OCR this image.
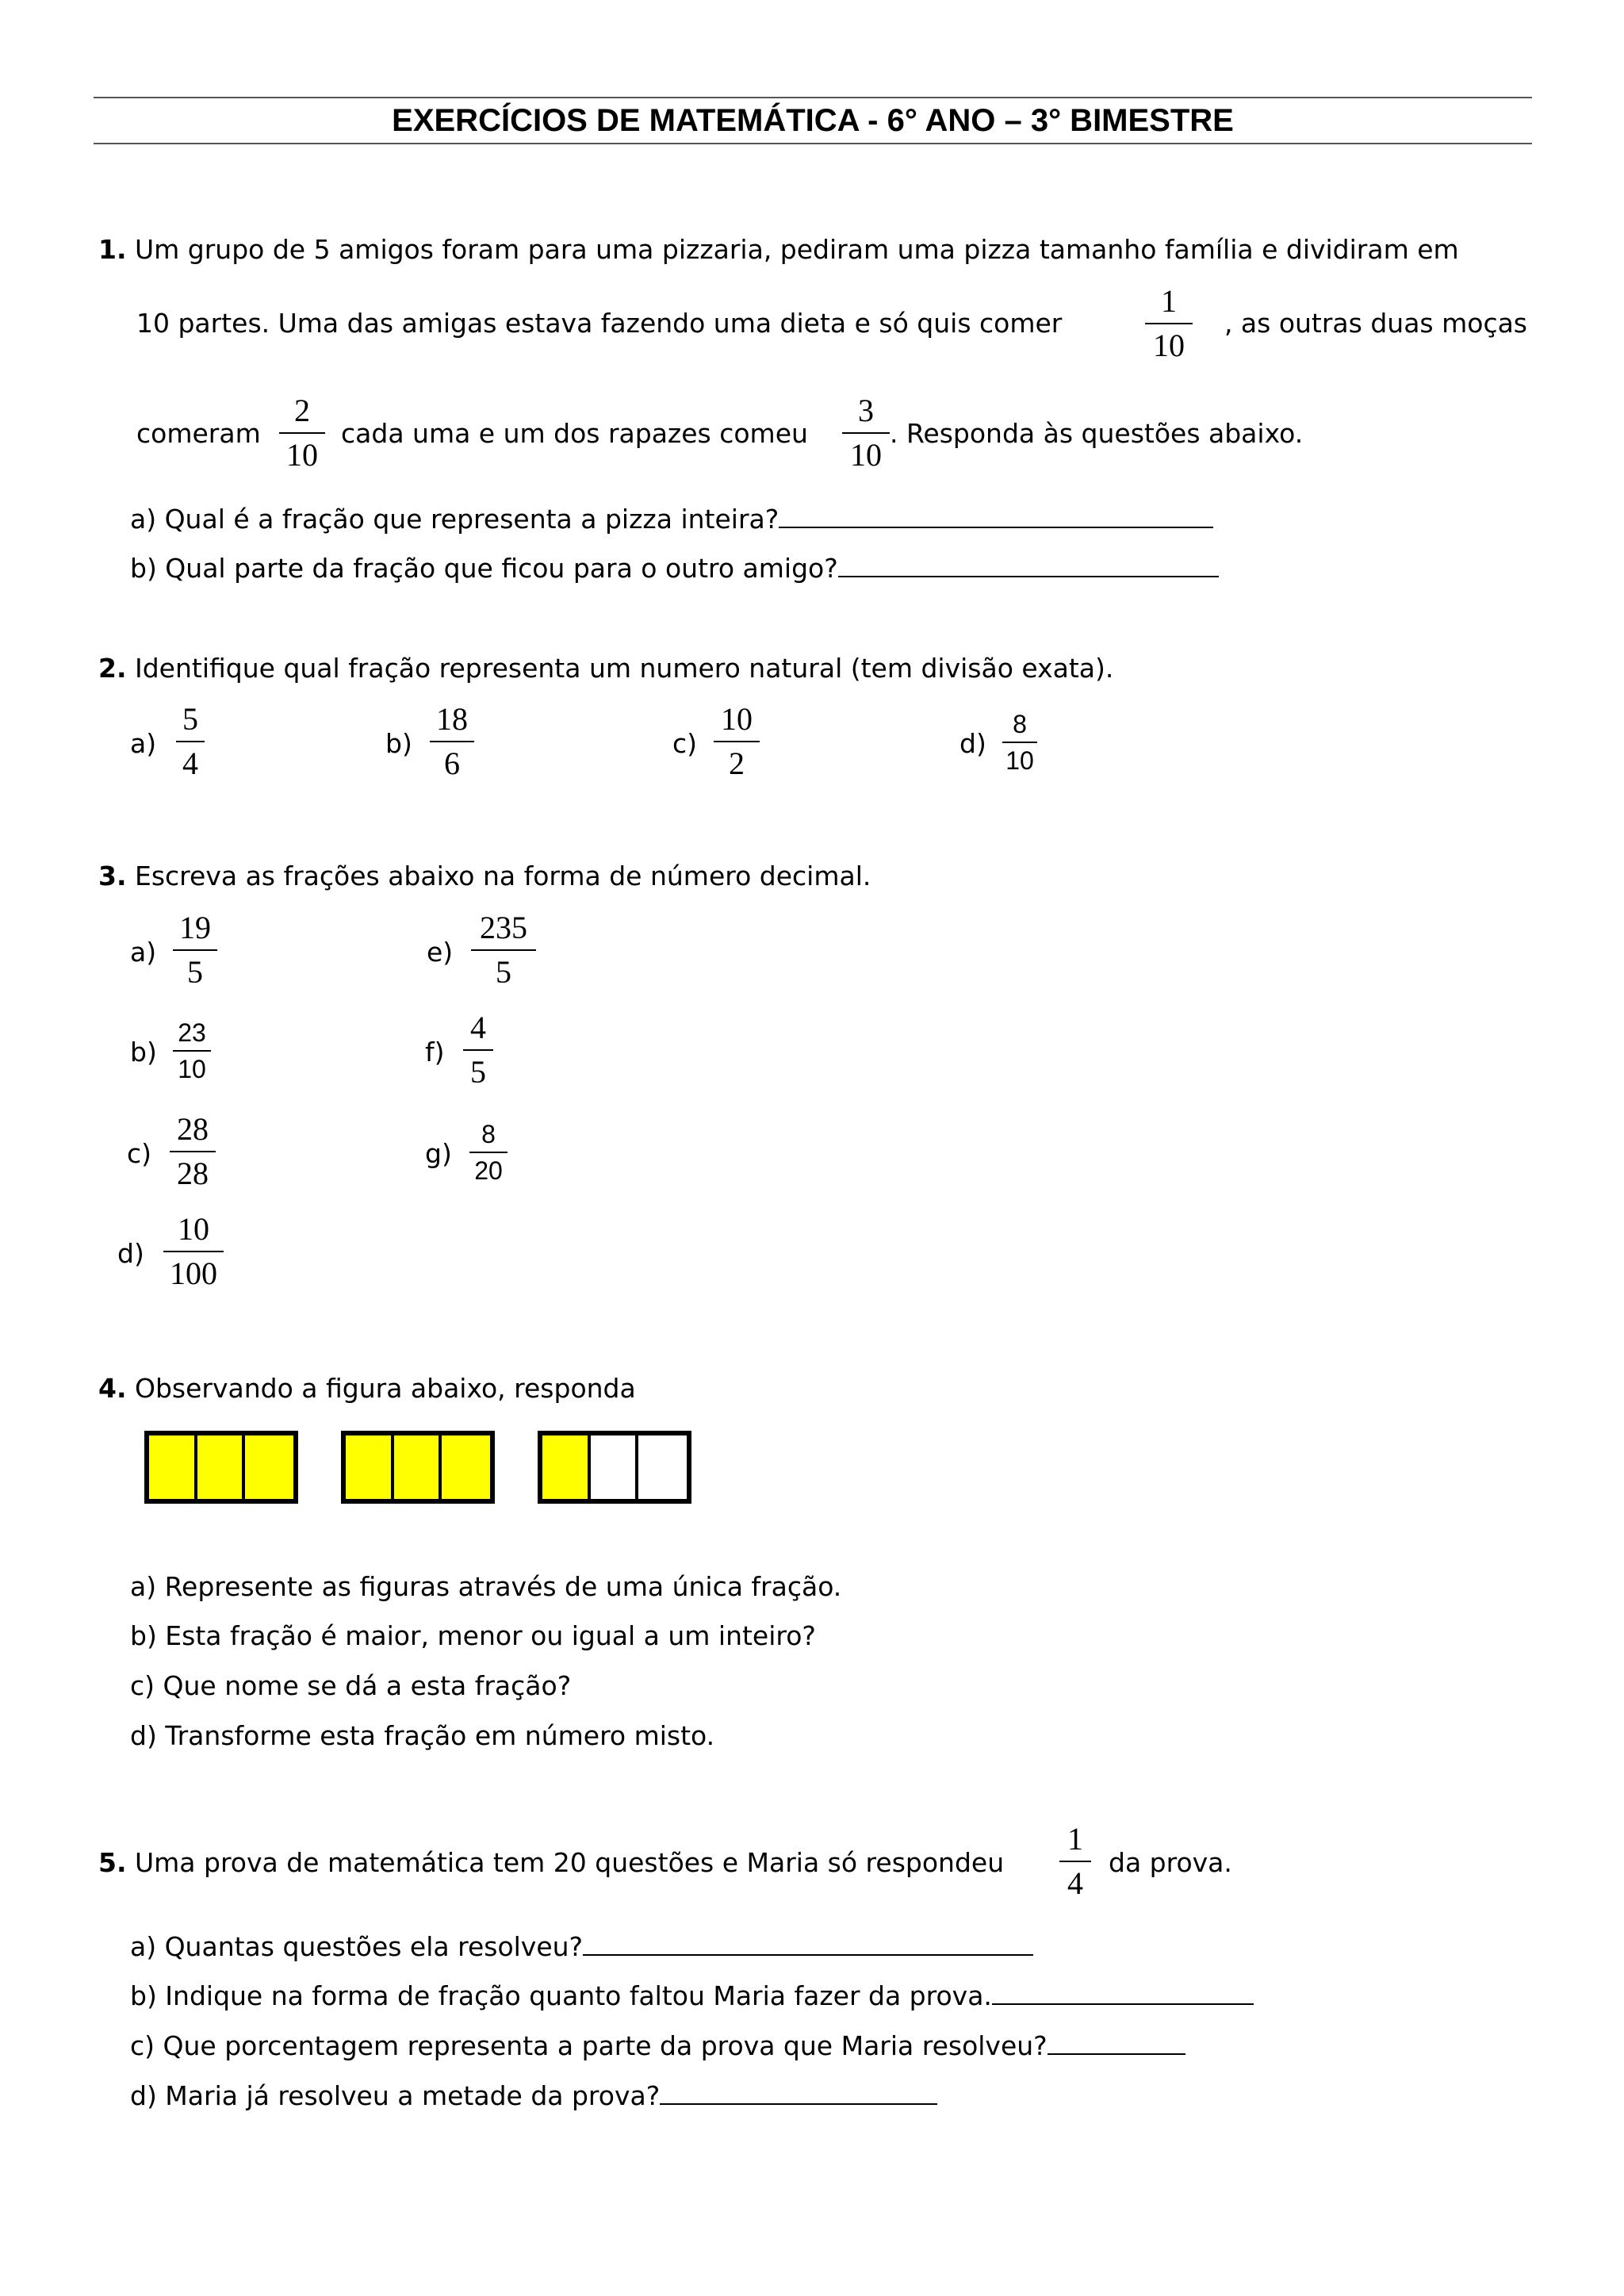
EXERCÍCIOS DE MATEMÁTICA - 6° ANO – 3° BIMESTRE
1. Um grupo de 5 amigos foram para uma pizzaria, pediram uma pizza tamanho família e dividiram em
10 partes. Uma das amigas estava fazendo uma dieta e só quis comer
1
10
, as outras duas moças
comeram
2
10
cada uma e um dos rapazes comeu
3
10
. Responda às questões abaixo.
a) Qual é a fração que representa a pizza inteira?
b) Qual parte da fração que ficou para o outro amigo?
2. Identifique qual fração representa um numero natural (tem divisão exata).
a)
5
4
b)
18
6
c)
10
2
d)
8
10
3. Escreva as frações abaixo na forma de número decimal.
a)
19
5
e)
235
5
b)
23
10
f)
4
5
c)
28
28
g)
8
20
d)
10
100
4. Observando a figura abaixo, responda
a) Represente as figuras através de uma única fração.
b) Esta fração é maior, menor ou igual a um inteiro?
c) Que nome se dá a esta fração?
d) Transforme esta fração em número misto.
5. Uma prova de matemática tem 20 questões e Maria só respondeu
1
4
da prova.
a) Quantas questões ela resolveu?
b) Indique na forma de fração quanto faltou Maria fazer da prova.
c) Que porcentagem representa a parte da prova que Maria resolveu?
d) Maria já resolveu a metade da prova?
